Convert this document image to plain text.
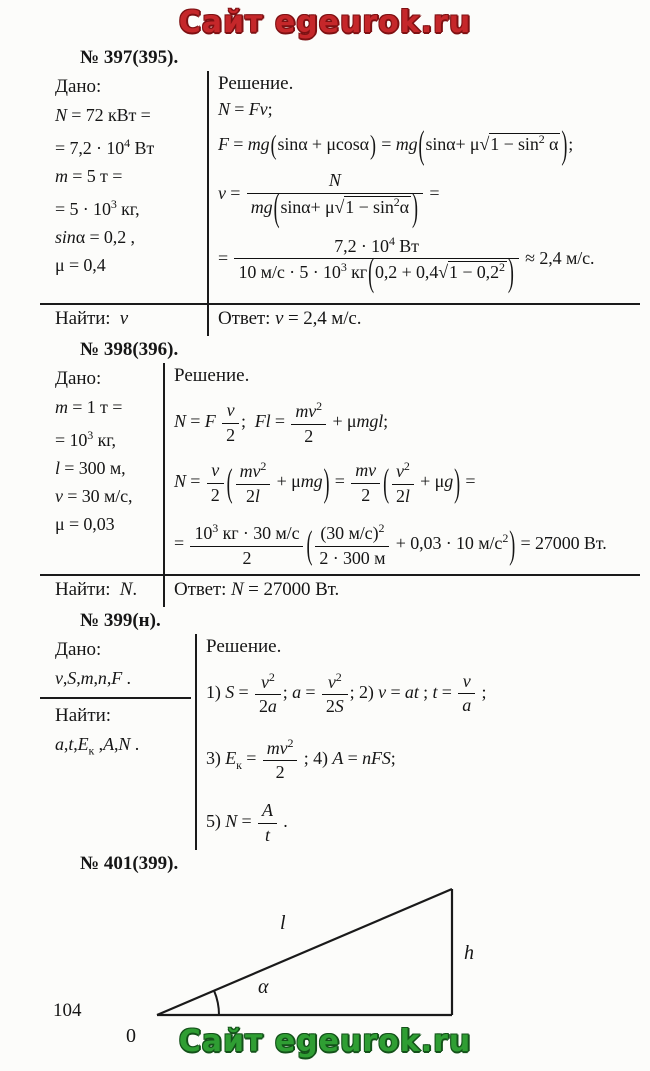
Сайт egeurok.ru
№ 397(395).
Дано:
N = 72 кВт =
= $7,2 \cdot 10^4$ Вт
m = 5 т =
= $5 \cdot 10^3$ кг,
sinα = 0,2 ,
μ = 0,4
Решение.
N = Fv;
$F = mg(\sin\alpha + \mu\cos\alpha) = mg(\sin\alpha+ \mu√1 - \sin^2 \alpha$ );
$v = \frac{N}{mg(\sin\alpha+ \mu√1 - \sin^2\alpha )}$ =
=
$7,2 \cdot 10^4$ Вт
10 $м/с \cdot 5 \cdot 10^3$ $кг(0,2 + 0,4√1 - 0,2^2$ ) ≈ 2,4 м/с.
Найти:  v	Ответ: v = 2,4 м/с.
№ 398(396).
Дано:
m = 1 т =
= $10^3$ кг,
l = 300 м,
v = 30 м/с,
μ = 0,03
Решение.
N = F $\frac{v}{2}$ ;  $Fl = \frac{mv^2}{2} + \mu mgl$;
$N = \frac{v}{2}$ ( $\frac{mv^2}{2l} + \mu mg) = \frac{mv}{2}$ ( $\frac{v^2}{2l} + \mu g$) =
=
$10^3$ кг · 30 м/с
2	( (30 м/с)$^2$
2 · 300 м
+ 0,03 · 10 $м/с^2) = 27000$ Вт.
Найти:  N.	Ответ: N = 27000 Вт.
№ 399(н).
Дано:
v,S,m,n,F .
Найти:
$a,t,E_к$ ,A,N .
Решение.
1) $S = \frac{v^2}{2a}$ ; $a = \frac{v^2}{2S}$ ; 2) v = at ; $t = \frac{v}{a}$ ;
3) $E_к = \frac{mv^2}{2}$ ; 4) A = nFS;
5) $N = \frac{A}{t}$ .
№ 401(399).
l
h
α
0
104
Сайт egeurok.ru
